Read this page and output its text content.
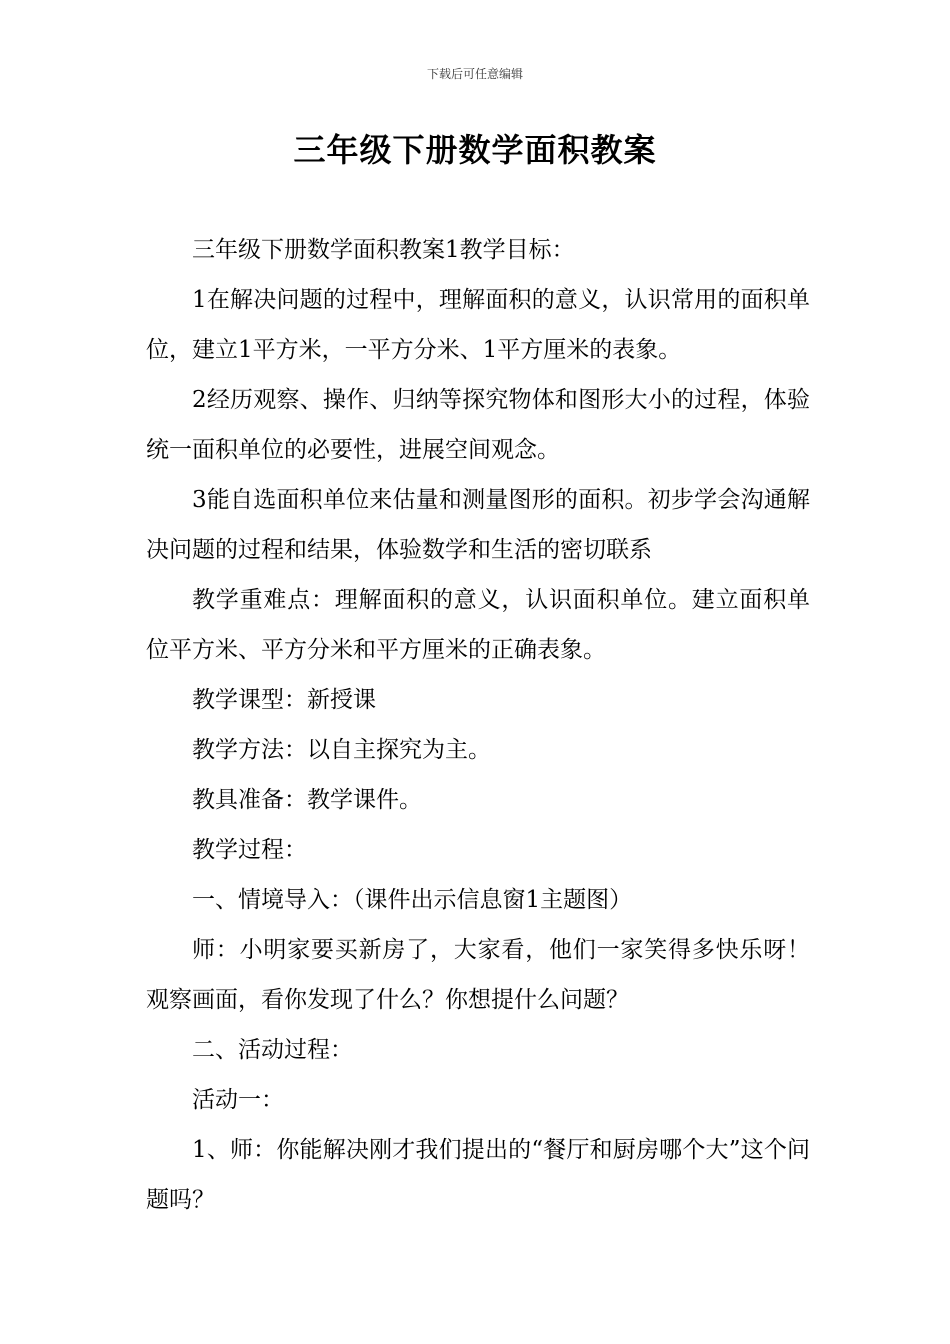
下载后可任意编辑
三年级下册数学面积教案

三年级下册数学面积教案1教学目标：

1在解决问题的过程中，理解面积的意义，认识常用的面积单位，建立1平方米，一平方分米、1平方厘米的表象。

2经历观察、操作、归纳等探究物体和图形大小的过程，体验统一面积单位的必要性，进展空间观念。

3能自选面积单位来估量和测量图形的面积。初步学会沟通解决问题的过程和结果，体验数学和生活的密切联系

教学重难点：理解面积的意义，认识面积单位。建立面积单位平方米、平方分米和平方厘米的正确表象。

教学课型：新授课

教学方法：以自主探究为主。

教具准备：教学课件。

教学过程：

一、情境导入：（课件出示信息窗1主题图）

师：小明家要买新房了，大家看，他们一家笑得多快乐呀！观察画面，看你发现了什么？你想提什么问题？

二、活动过程：

活动一：

1、师：你能解决刚才我们提出的“餐厅和厨房哪个大”这个问题吗？
